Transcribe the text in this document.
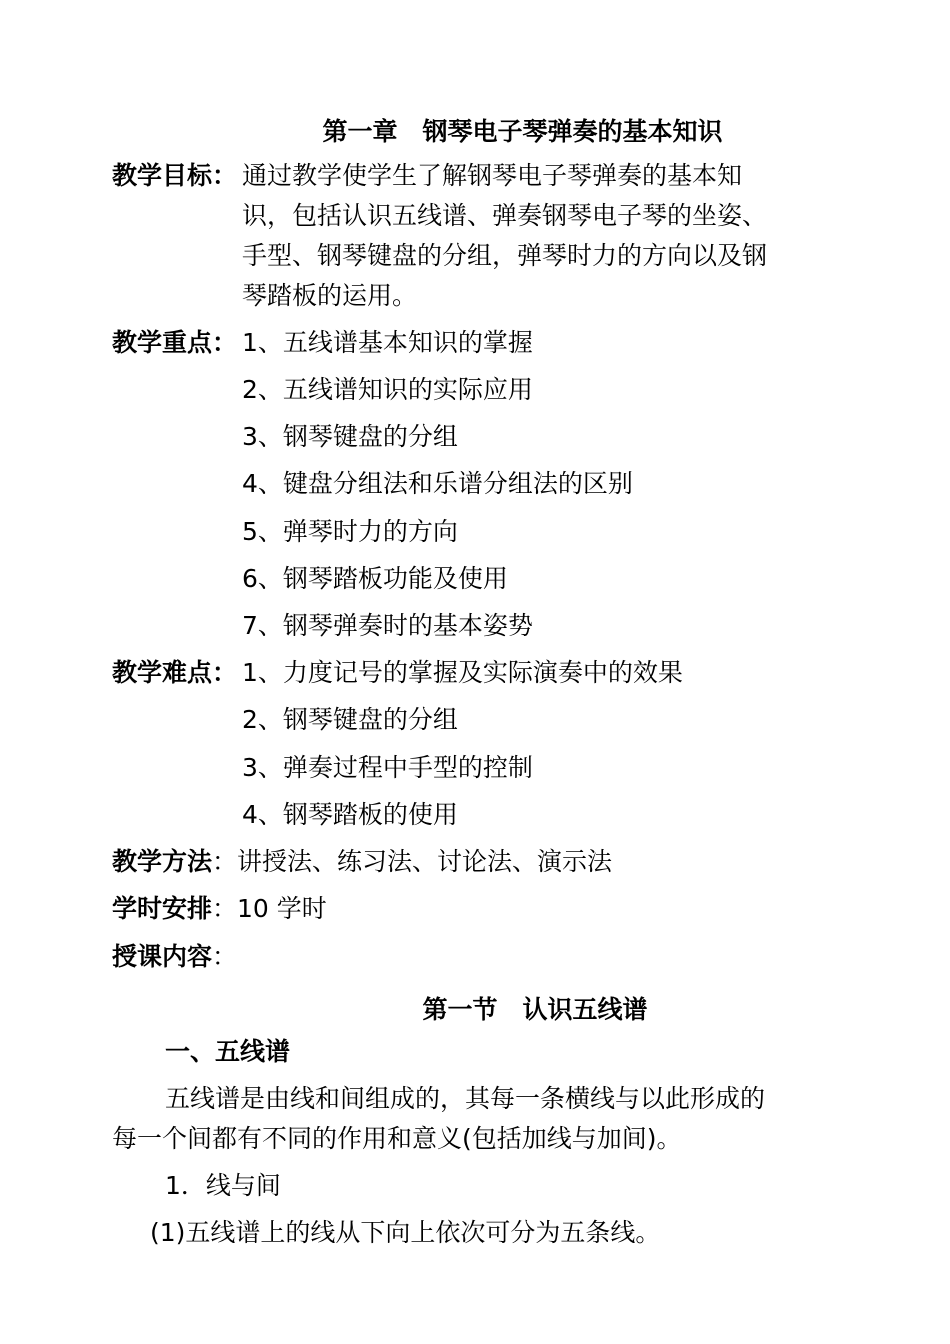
第一章　钢琴电子琴弹奏的基本知识
教学目标： 通过教学使学生了解钢琴电子琴弹奏的基本知
识，包括认识五线谱、弹奏钢琴电子琴的坐姿、
手型、钢琴键盘的分组，弹琴时力的方向以及钢
琴踏板的运用。
教学重点： 1、五线谱基本知识的掌握
2、五线谱知识的实际应用
3、钢琴键盘的分组
4、键盘分组法和乐谱分组法的区别
5、弹琴时力的方向
6、钢琴踏板功能及使用
7、钢琴弹奏时的基本姿势
教学难点： 1、力度记号的掌握及实际演奏中的效果
2、钢琴键盘的分组
3、弹奏过程中手型的控制
4、钢琴踏板的使用
教学方法：讲授法、练习法、讨论法、演示法
学时安排：10 学时
授课内容：
第一节　认识五线谱
一、五线谱
五线谱是由线和间组成的，其每一条横线与以此形成的
每一个间都有不同的作用和意义(包括加线与加间)。
1．线与间
(1)五线谱上的线从下向上依次可分为五条线。
